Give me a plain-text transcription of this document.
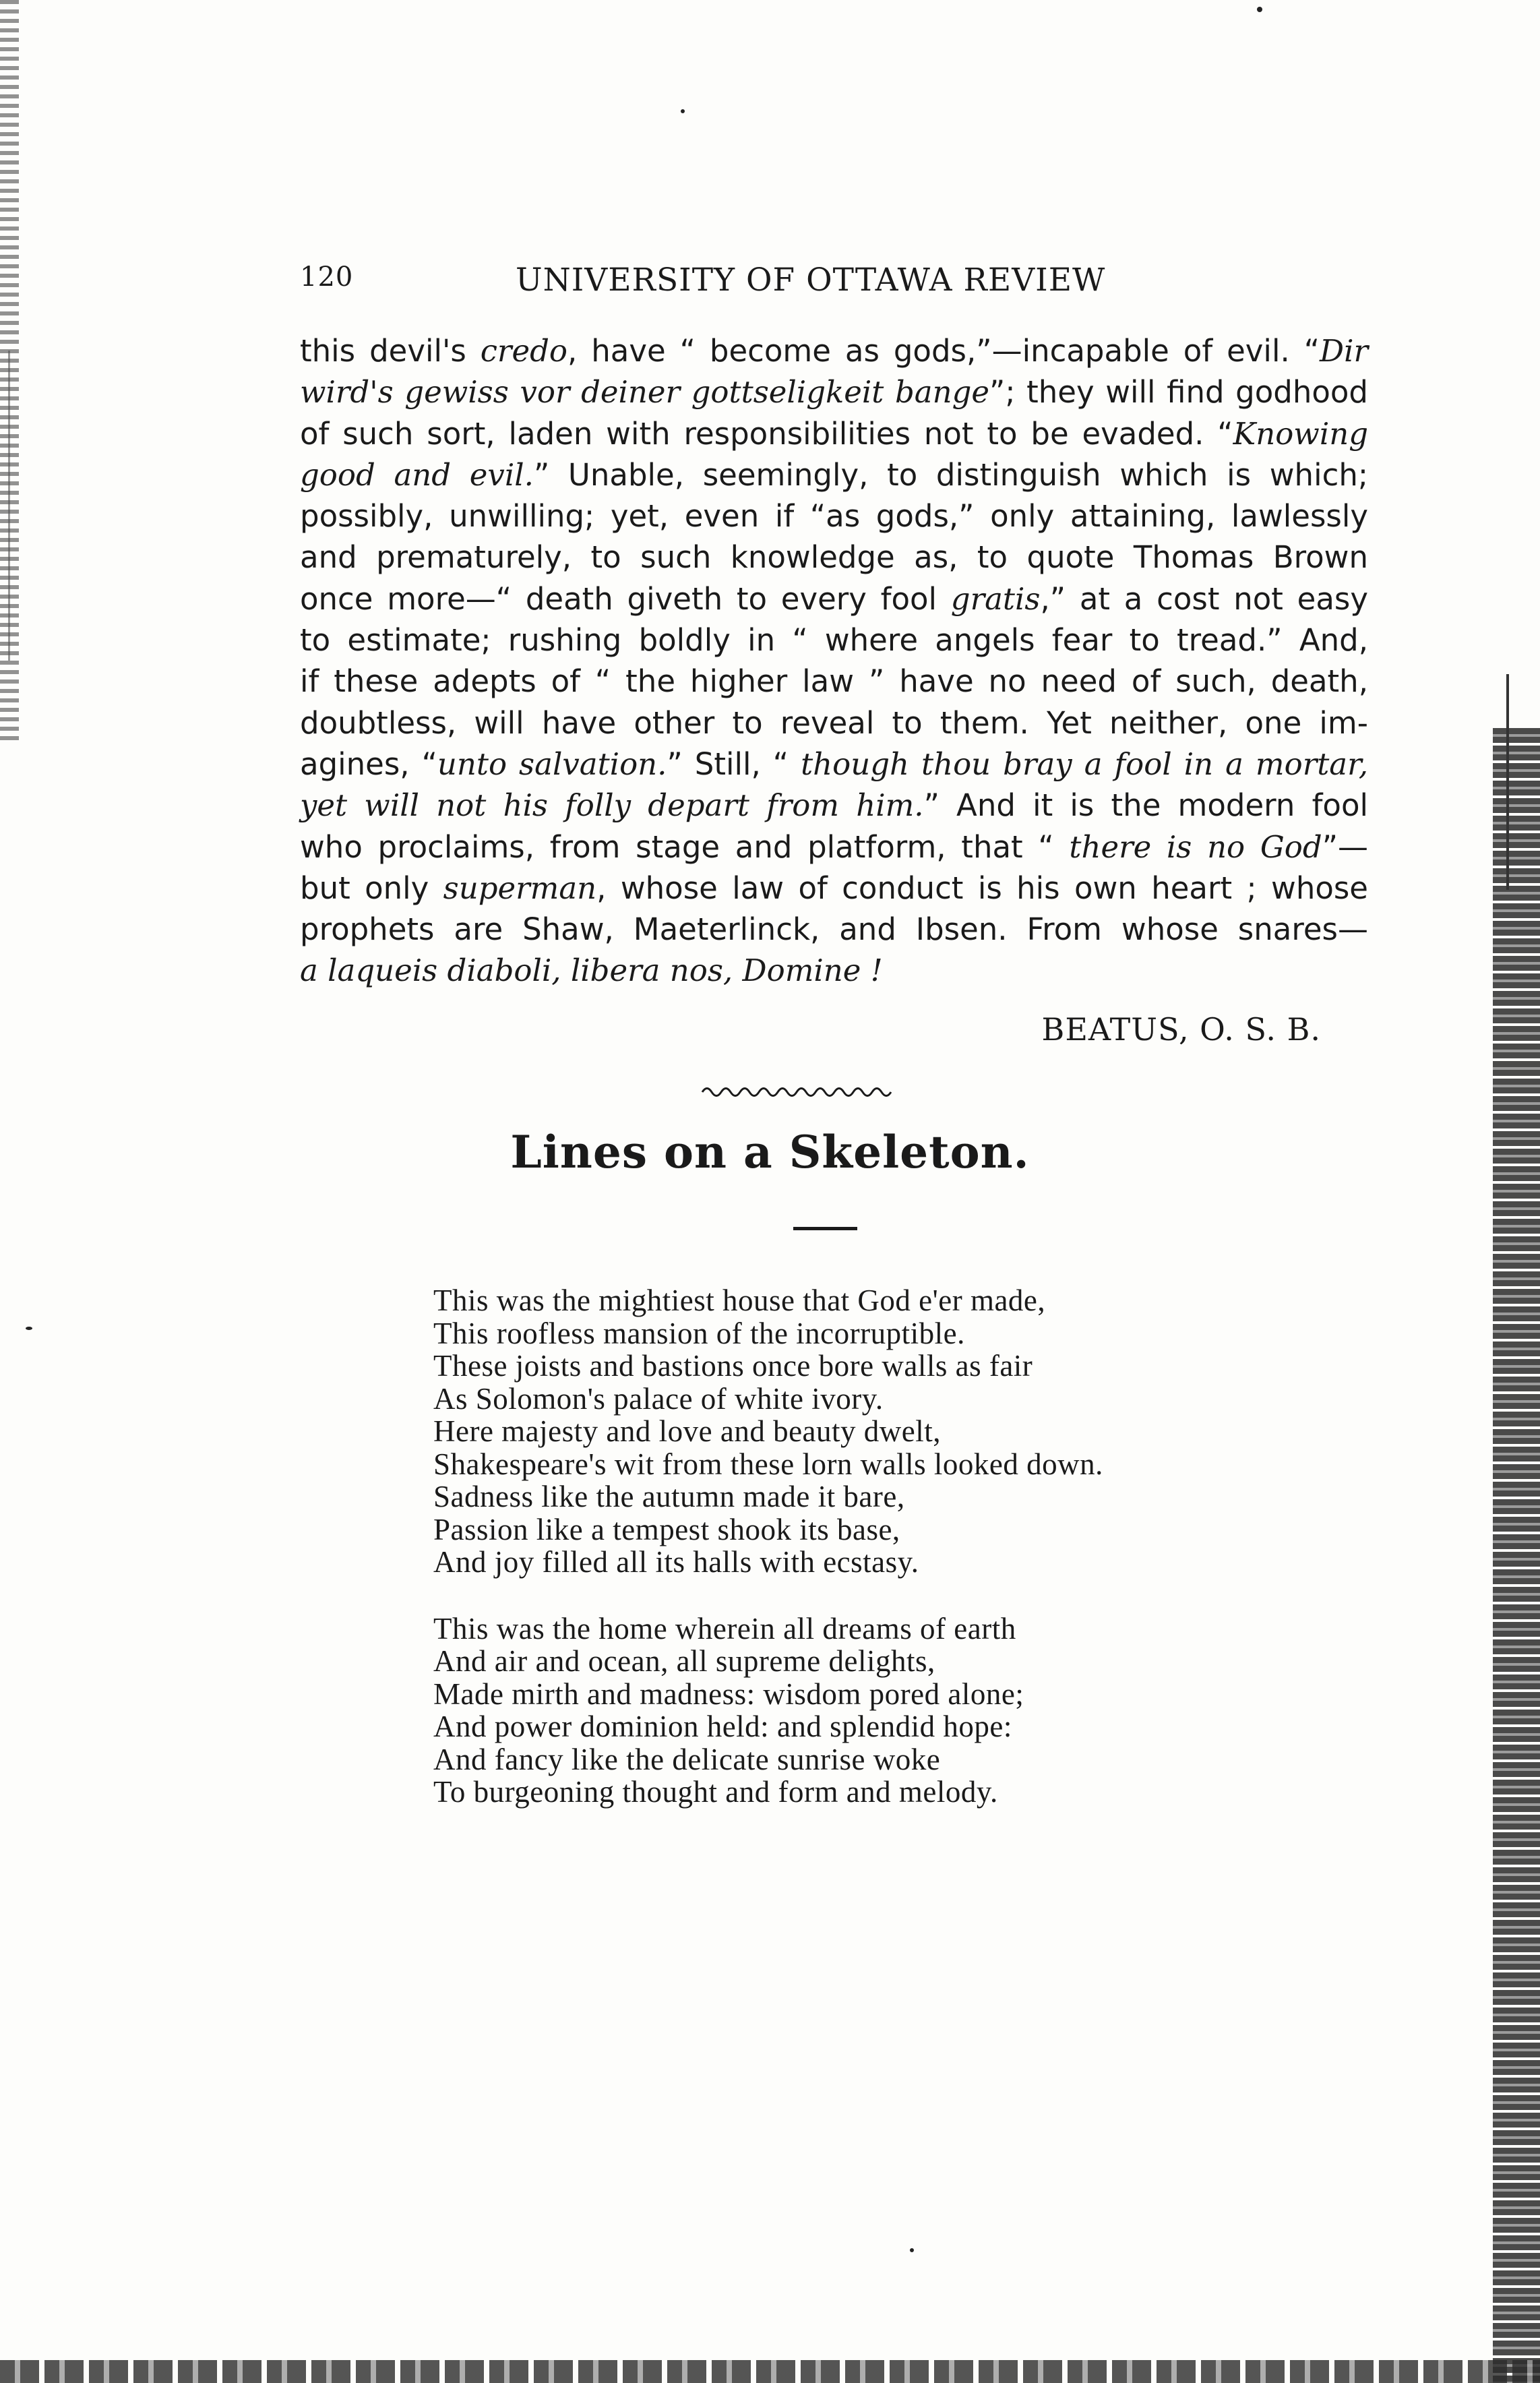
120	UNIVERSITY OF OTTAWA REVIEW
this devil's credo, have “ become as gods,”—incapable of evil. “Dir
wird's gewiss vor deiner gottseligkeit bange”; they will find godhood
of such sort, laden with responsibilities not to be evaded. “Knowing
good and evil.” Unable, seemingly, to distinguish which is which;
possibly, unwilling; yet, even if “as gods,” only attaining, lawlessly
and prematurely, to such knowledge as, to quote Thomas Brown
once more—“ death giveth to every fool gratis,” at a cost not easy
to estimate; rushing boldly in “ where angels fear to tread.” And,
if these adepts of “ the higher law ” have no need of such, death,
doubtless, will have other to reveal to them. Yet neither, one im-
agines, “unto salvation.” Still, “ though thou bray a fool in a mortar,
yet will not his folly depart from him.” And it is the modern fool
who proclaims, from stage and platform, that “ there is no God”—
but only superman, whose law of conduct is his own heart ; whose
prophets are Shaw, Maeterlinck, and Ibsen. From whose snares—
a laqueis diaboli, libera nos, Domine !
BEATUS, O. S. B.
Lines on a Skeleton.
This was the mightiest house that God e'er made,
This roofless mansion of the incorruptible.
These joists and bastions once bore walls as fair
As Solomon's palace of white ivory.
Here majesty and love and beauty dwelt,
Shakespeare's wit from these lorn walls looked down.
Sadness like the autumn made it bare,
Passion like a tempest shook its base,
And joy filled all its halls with ecstasy.
This was the home wherein all dreams of earth
And air and ocean, all supreme delights,
Made mirth and madness: wisdom pored alone;
And power dominion held: and splendid hope:
And fancy like the delicate sunrise woke
To burgeoning thought and form and melody.
